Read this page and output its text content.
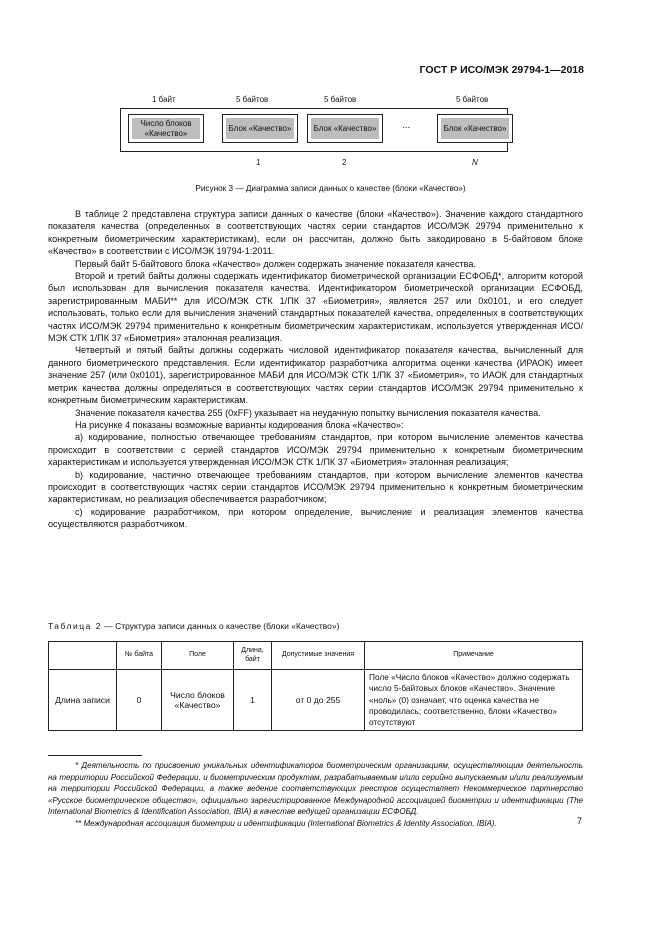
ГОСТ Р ИСО/МЭК 29794-1—2018
1 байт	5 байтов	5 байтов	5 байтов
Число блоков «Качество»
Блок «Качество»	Блок «Качество»	...	Блок «Качество»
1	2	N
Рисунок 3 — Диаграмма записи данных о качестве (блоки «Качество»)

В таблице 2 представлена структура записи данных о качестве (блоки «Качество»). Значение каждого стандартного показателя качества (определенных в соответствующих частях серии стандартов ИСО/МЭК 29794 применительно к конкретным биометрическим характеристикам), если он рассчитан, должно быть закодировано в 5-байтовом блоке «Качество» в соответствии с ИСО/МЭК 19794-1:2011.

Первый байт 5-байтового блока «Качество» должен содержать значение показателя качества.

Второй и третий байты должны содержать идентификатор биометрической организации ЕСФОБД*, алгоритм которой был использован для вычисления показателя качества. Идентификатором биометрической организации ЕСФОБД, зарегистрированным МАБИ** для ИСО/МЭК СТК 1/ПК 37 «Биометрия», является 257 или 0x0101, и его следует использовать, только если для вычисления значений стандартных показателей качества, определенных в соответствующих частях ИСО/МЭК 29794 применительно к конкретным биометрическим характеристикам, используется утвержденная ИСО/МЭК СТК 1/ПК 37 «Биометрия» эталонная реализация.

Четвертый и пятый байты должны содержать числовой идентификатор показателя качества, вычисленный для данного биометрического представления. Если идентификатор разработчика алгоритма оценки качества (ИРАОК) имеет значение 257 (или 0x0101), зарегистрированное МАБИ для ИСО/МЭК СТК 1/ПК 37 «Биометрия», то ИАОК для стандартных метрик качества должны определяться в соответствующих частях серии стандартов ИСО/МЭК 29794 применительно к конкретным биометрическим характеристикам.

Значение показателя качества 255 (0xFF) указывает на неудачную попытку вычисления показателя качества.

На рисунке 4 показаны возможные варианты кодирования блока «Качество»:

а) кодирование, полностью отвечающее требованиям стандартов, при котором вычисление элементов качества происходит в соответствии с серией стандартов ИСО/МЭК 29794 применительно к конкретным биометрическим характеристикам и используется утвержденная ИСО/МЭК СТК 1/ПК 37 «Биометрия» эталонная реализация;

b) кодирование, частично отвечающее требованиям стандартов, при котором вычисление элементов качества происходит в соответствующих частях серии стандартов ИСО/МЭК 29794 применительно к конкретным биометрическим характеристикам, но реализация обеспечивается разработчиком;

с) кодирование разработчиком, при котором определение, вычисление и реализация элементов качества осуществляются разработчиком.

Таблица 2 — Структура записи данных о качестве (блоки «Качество»)
	№ байта	Поле	Длина, байт	Допустимые значения	Примечание
Длина записи	0	Число блоков «Качество»	1	от 0 до 255	Поле «Число блоков «Качество» должно содержать число 5-байтовых блоков «Качество». Значение «ноль» (0) означает, что оценка качества не проводилась; соответственно, блоки «Качество» отсутствуют

* Деятельность по присвоению уникальных идентификаторов биометрическим организациям, осуществляющим деятельность на территории Российской Федерации, и биометрическим продуктам, разрабатываемым и/или серийно выпускаемым и/или реализуемым на территории Российской Федерации, а также ведение соответствующих реестров осуществляет Некоммерческое партнерство «Русское биометрическое общество», официально зарегистрированное Международной ассоциацией биометрии и идентификации (The International Biometrics & Identification Association, IBIA) в качестве ведущей организации ЕСФОБД.

** Международная ассоциация биометрии и идентификации (International Biometrics & Identity Association, IBIA).	7
